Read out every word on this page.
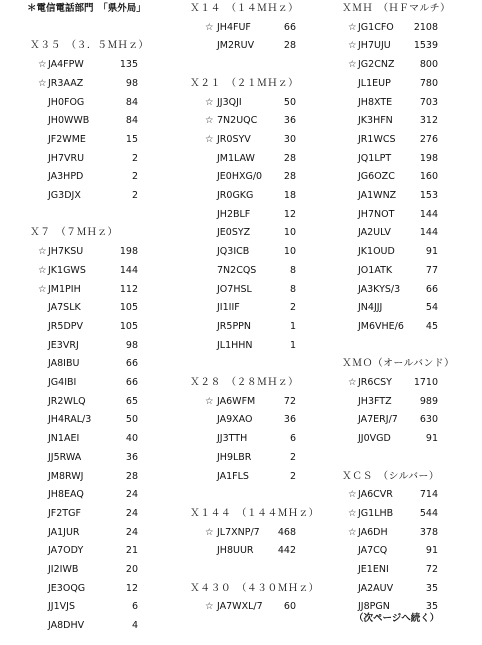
＊電信電話部門　「県外局」
（次ページへ続く）
Ｘ３５　（３．５ＭＨｚ）
☆ JA4FPW	135
☆ JR3AAZ	98
JH0FOG	84
JH0WWB	84
JF2WME	15
JH7VRU	2
JA3HPD	2
JG3DJX	2
Ｘ７　（７ＭＨｚ）
☆ JH7KSU	198
☆ JK1GWS	144
☆ JM1PIH	112
JA7SLK	105
JR5DPV	105
JE3VRJ	98
JA8IBU	66
JG4IBI	66
JR2WLQ	65
JH4RAL/3	50
JN1AEI	40
JJ5RWA	36
JM8RWJ	28
JH8EAQ	24
JF2TGF	24
JA1JUR	24
JA7ODY	21
JI2IWB	20
JE3OQG	12
JJ1VJS	6
JA8DHV	4
Ｘ１４　（１４ＭＨｚ）
☆ JH4FUF	66
JM2RUV	28
Ｘ２１　（２１ＭＨｚ）
☆ JJ3QJI	50
☆ 7N2UQC	36
☆ JR0SYV	30
JM1LAW	28
JE0HXG/0	28
JR0GKG	18
JH2BLF	12
JE0SYZ	10
JQ3ICB	10
7N2CQS	8
JO7HSL	8
JI1IIF	2
JR5PPN	1
JL1HHN	1
Ｘ２８　（２８ＭＨｚ）
☆ JA6WFM	72
JA9XAO	36
JJ3TTH	6
JH9LBR	2
JA1FLS	2
Ｘ１４４　（１４４ＭＨｚ）
☆ JL7XNP/7	468
JH8UUR	442
Ｘ４３０　（４３０ＭＨｚ）
☆ JA7WXL/7	60
ＸＭＨ　（ＨＦマルチ）
☆ JG1CFO	2108
☆ JH7UJU	1539
☆ JG2CNZ	800
JL1EUP	780
JH8XTE	703
JK3HFN	312
JR1WCS	276
JQ1LPT	198
JG6OZC	160
JA1WNZ	153
JH7NOT	144
JA2ULV	144
JK1OUD	91
JO1ATK	77
JA3KYS/3	66
JN4JJJ	54
JM6VHE/6	45
ＸＭＯ（オールバンド）
☆ JR6CSY	1710
JH3FTZ	989
JA7ERJ/7	630
JJ0VGD	91
ＸＣＳ　（シルバー）
☆ JA6CVR	714
☆ JG1LHB	544
☆ JA6DH	378
JA7CQ	91
JE1ENI	72
JA2AUV	35
JJ8PGN	35
